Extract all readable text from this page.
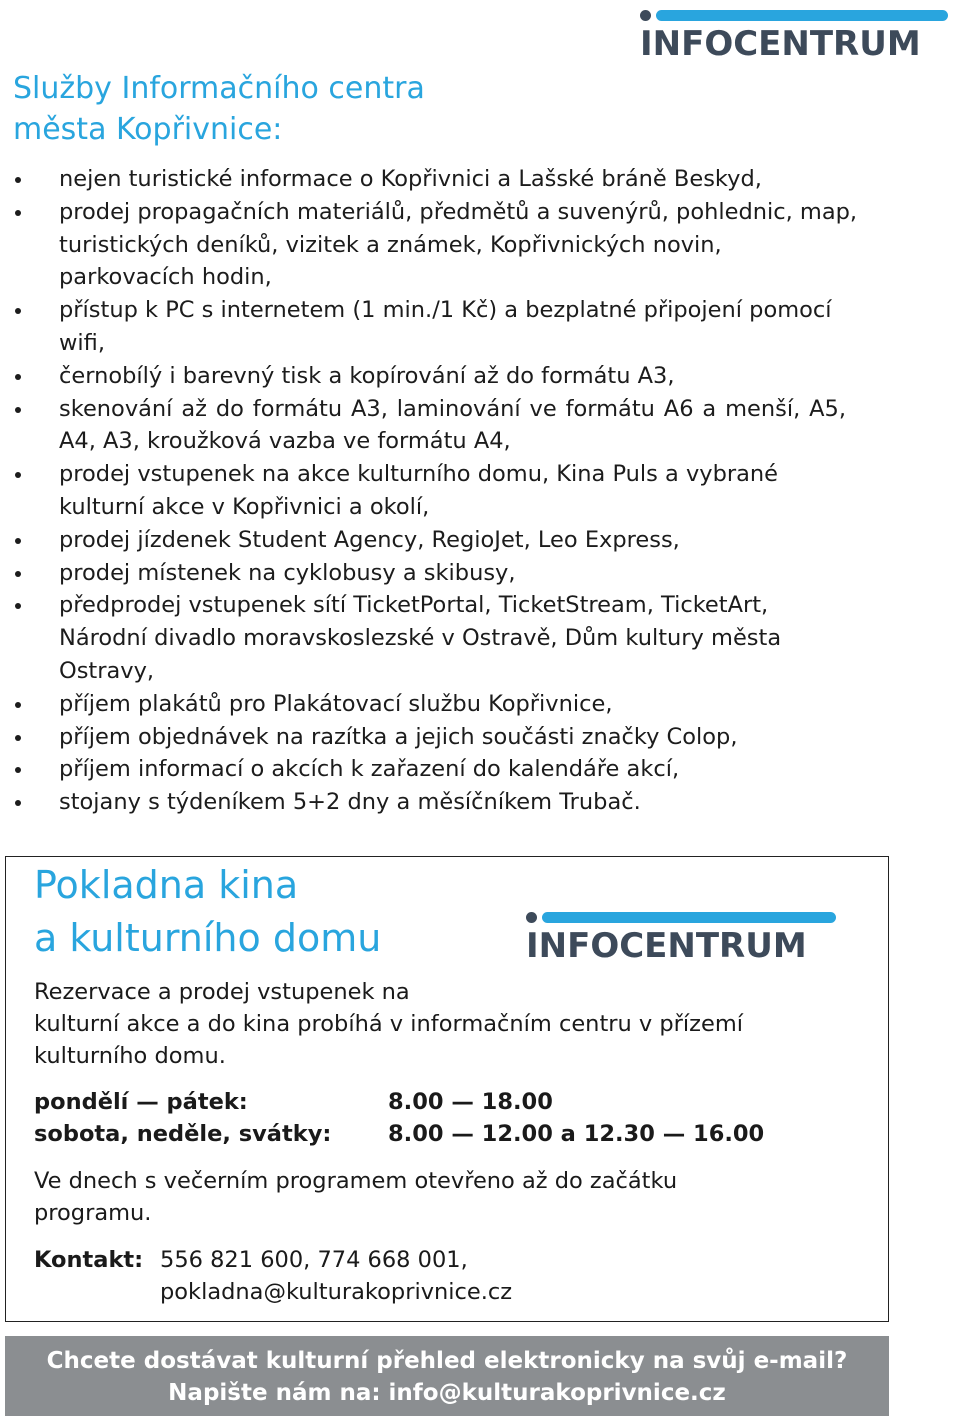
INFOCENTRUM
Služby Informačního centra
města Kopřivnice:
nejen turistické informace o Kopřivnici a Lašské bráně Beskyd,
prodej propagačních materiálů, předmětů a suvenýrů, pohlednic, map, turistických deníků, vizitek a známek, Kopřivnických novin, parkovacích hodin,
přístup k PC s internetem (1 min./1 Kč) a bezplatné připojení pomocí wifi,
černobílý i barevný tisk a kopírování až do formátu A3,
skenování až do formátu A3, laminování ve formátu A6 a menší, A5, A4, A3, kroužková vazba ve formátu A4,
prodej vstupenek na akce kulturního domu, Kina Puls a vybrané kulturní akce v Kopřivnici a okolí,
prodej jízdenek Student Agency, RegioJet, Leo Express,
prodej místenek na cyklobusy a skibusy,
předprodej vstupenek sítí TicketPortal, TicketStream, TicketArt, Národní divadlo moravskoslezské v Ostravě, Dům kultury města Ostravy,
příjem plakátů pro Plakátovací službu Kopřivnice,
příjem objednávek na razítka a jejich součásti značky Colop,
příjem informací o akcích k zařazení do kalendáře akcí,
stojany s týdeníkem 5+2 dny a měsíčníkem Trubač.
Pokladna kina
a kulturního domu

Rezervace a prodej vstupenek na
kulturní akce a do kina probíhá v informačním centru v přízemí
kulturního domu.

pondělí — pátek:	8.00 — 18.00
sobota, neděle, svátky:	8.00 — 12.00 a 12.30 — 16.00

Ve dnech s večerním programem otevřeno až do začátku
programu.

Kontakt: 556 821 600, 774 668 001,
pokladna@kulturakoprivnice.cz
INFOCENTRUM
Chcete dostávat kulturní přehled elektronicky na svůj e-mail?
Napište nám na: info@kulturakoprivnice.cz
